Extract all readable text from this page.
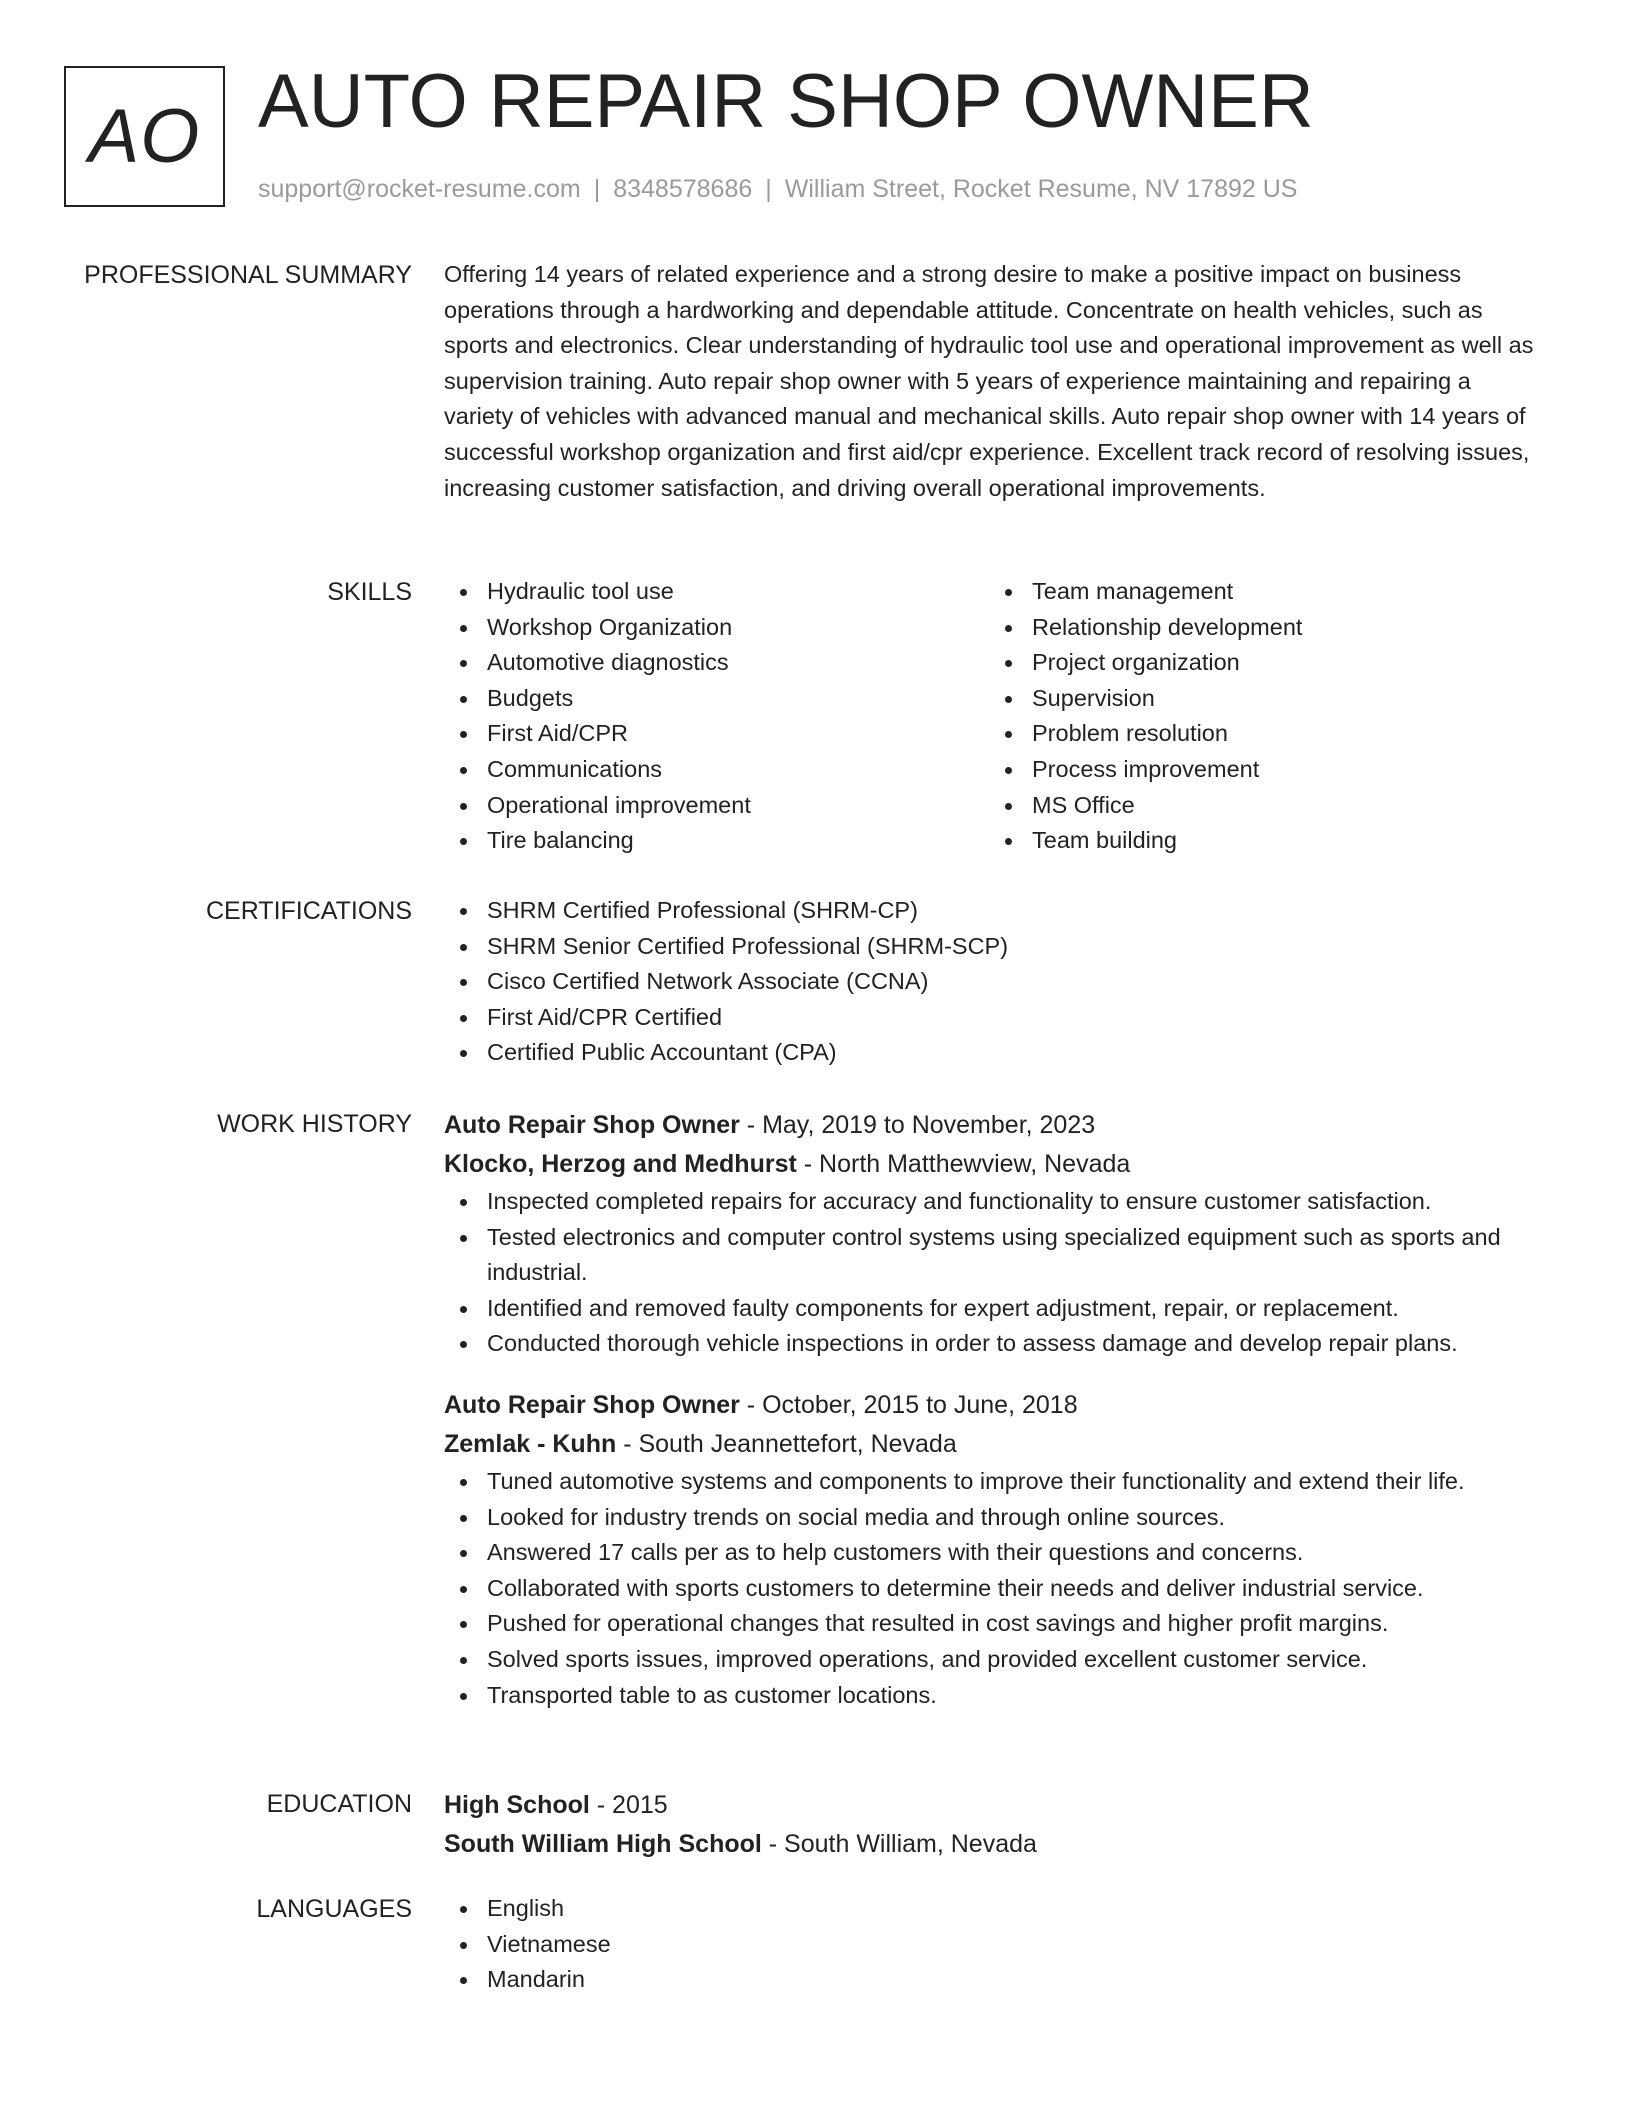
AO AUTO REPAIR SHOP OWNER
support@rocket-resume.com | 8348578686 | William Street, Rocket Resume, NV 17892 US
PROFESSIONAL SUMMARY Offering 14 years of related experience and a strong desire to make a positive impact on business operations through a hardworking and dependable attitude. Concentrate on health vehicles, such as sports and electronics. Clear understanding of hydraulic tool use and operational improvement as well as supervision training. Auto repair shop owner with 5 years of experience maintaining and repairing a variety of vehicles with advanced manual and mechanical skills. Auto repair shop owner with 14 years of successful workshop organization and first aid/cpr experience. Excellent track record of resolving issues, increasing customer satisfaction, and driving overall operational improvements.

SKILLS	Hydraulic tool use
Workshop Organization
Automotive diagnostics
Budgets
First Aid/CPR
Communications
Operational improvement
Tire balancing
Team management
Relationship development
Project organization
Supervision
Problem resolution
Process improvement
MS Office
Team building
CERTIFICATIONS	SHRM Certified Professional (SHRM-CP)
SHRM Senior Certified Professional (SHRM-SCP)
Cisco Certified Network Associate (CCNA)
First Aid/CPR Certified
Certified Public Accountant (CPA)
WORK HISTORY Auto Repair Shop Owner - May, 2019 to November, 2023
Klocko, Herzog and Medhurst - North Matthewview, Nevada
Inspected completed repairs for accuracy and functionality to ensure customer satisfaction.
Tested electronics and computer control systems using specialized equipment such as sports and industrial.
Identified and removed faulty components for expert adjustment, repair, or replacement.
Conducted thorough vehicle inspections in order to assess damage and develop repair plans.
Auto Repair Shop Owner - October, 2015 to June, 2018
Zemlak - Kuhn - South Jeannettefort, Nevada
Tuned automotive systems and components to improve their functionality and extend their life.
Looked for industry trends on social media and through online sources.
Answered 17 calls per as to help customers with their questions and concerns.
Collaborated with sports customers to determine their needs and deliver industrial service.
Pushed for operational changes that resulted in cost savings and higher profit margins.
Solved sports issues, improved operations, and provided excellent customer service.
Transported table to as customer locations.
EDUCATION High School - 2015
South William High School - South William, Nevada
LANGUAGES	English
Vietnamese
Mandarin
